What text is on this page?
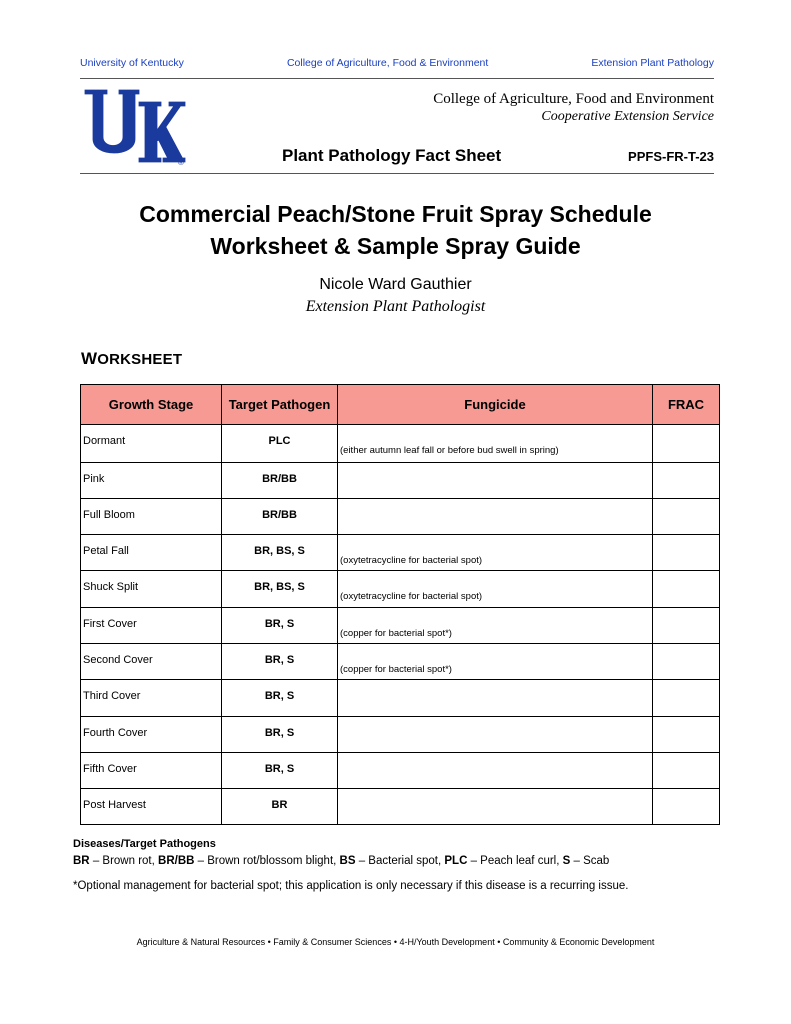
University of Kentucky	College of Agriculture, Food & Environment	Extension Plant Pathology
®
College of Agriculture, Food and Environment
Cooperative Extension Service
Plant Pathology Fact Sheet	PPFS-FR-T-23
Commercial Peach/Stone Fruit Spray Schedule
Worksheet & Sample Spray Guide
Nicole Ward Gauthier
Extension Plant Pathologist
WORKSHEET
Growth Stage	Target Pathogen	Fungicide	FRAC
Dormant	PLC	(either autumn leaf fall or before bud swell in spring)	

Pink	BR/BB	

Full Bloom	BR/BB	

Petal Fall	BR, BS, S	(oxytetracycline for bacterial spot)	

Shuck Split	BR, BS, S	(oxytetracycline for bacterial spot)	

First Cover	BR, S	(copper for bacterial spot*)	

Second Cover	BR, S	(copper for bacterial spot*)	

Third Cover	BR, S	

Fourth Cover	BR, S	

Fifth Cover	BR, S	

Post Harvest	BR	

Diseases/Target Pathogens
BR – Brown rot, BR/BB – Brown rot/blossom blight, BS – Bacterial spot, PLC – Peach leaf curl, S – Scab
*Optional management for bacterial spot; this application is only necessary if this disease is a recurring issue.
Agriculture & Natural Resources • Family & Consumer Sciences • 4-H/Youth Development • Community & Economic Development
